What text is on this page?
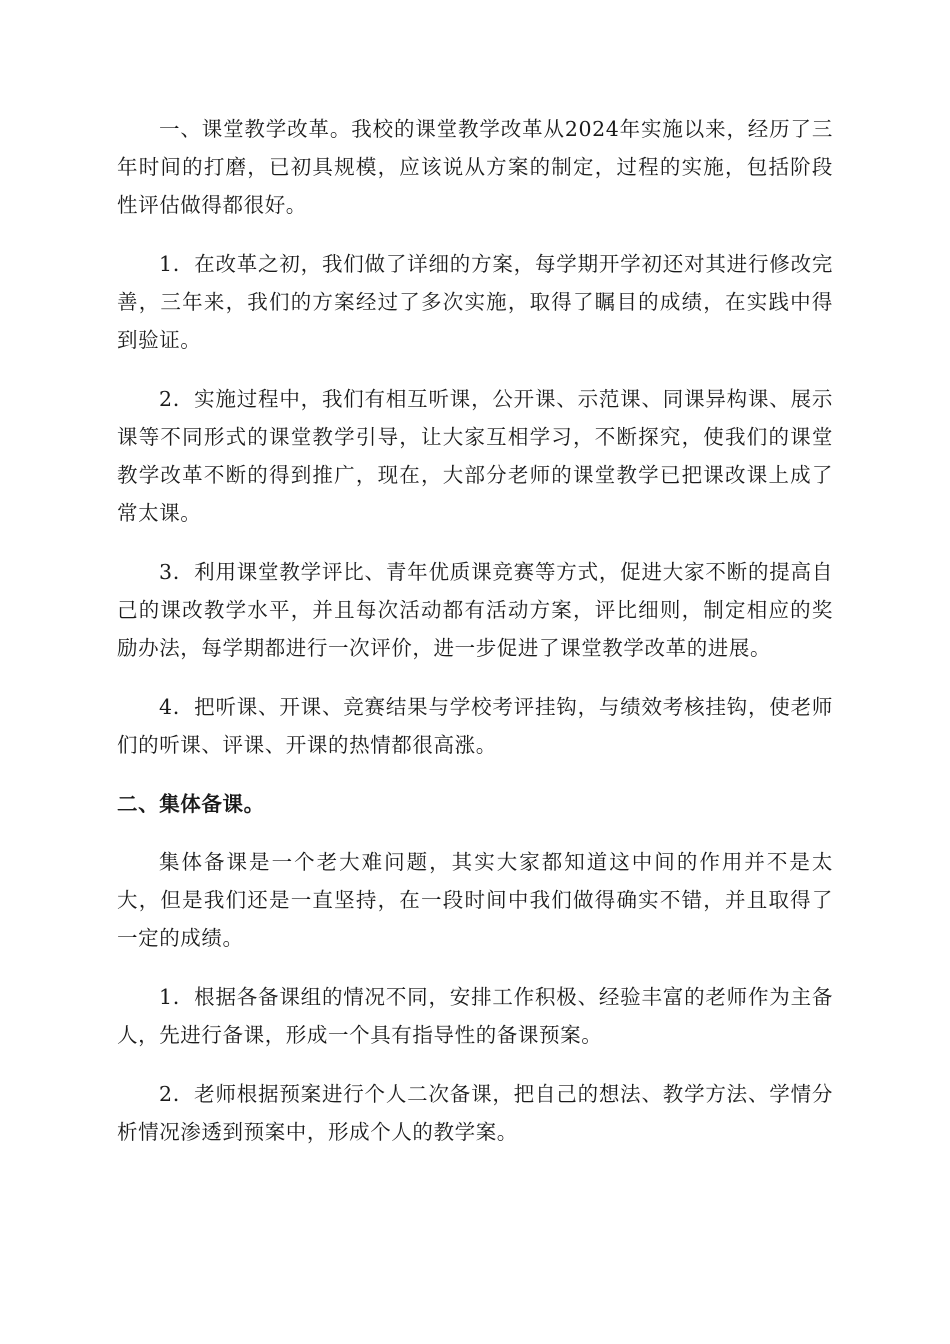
一、课堂教学改革。我校的课堂教学改革从2024年实施以来，经历了三年时间的打磨，已初具规模，应该说从方案的制定，过程的实施，包括阶段性评估做得都很好。

1．在改革之初，我们做了详细的方案，每学期开学初还对其进行修改完善，三年来，我们的方案经过了多次实施，取得了瞩目的成绩，在实践中得到验证。

2．实施过程中，我们有相互听课，公开课、示范课、同课异构课、展示课等不同形式的课堂教学引导，让大家互相学习，不断探究，使我们的课堂教学改革不断的得到推广，现在，大部分老师的课堂教学已把课改课上成了常太课。

3．利用课堂教学评比、青年优质课竞赛等方式，促进大家不断的提高自己的课改教学水平，并且每次活动都有活动方案，评比细则，制定相应的奖励办法，每学期都进行一次评价，进一步促进了课堂教学改革的进展。

4．把听课、开课、竞赛结果与学校考评挂钩，与绩效考核挂钩，使老师们的听课、评课、开课的热情都很高涨。

二、集体备课。

集体备课是一个老大难问题，其实大家都知道这中间的作用并不是太大，但是我们还是一直坚持，在一段时间中我们做得确实不错，并且取得了一定的成绩。

1．根据各备课组的情况不同，安排工作积极、经验丰富的老师作为主备人，先进行备课，形成一个具有指导性的备课预案。

2．老师根据预案进行个人二次备课，把自己的想法、教学方法、学情分析情况渗透到预案中，形成个人的教学案。
